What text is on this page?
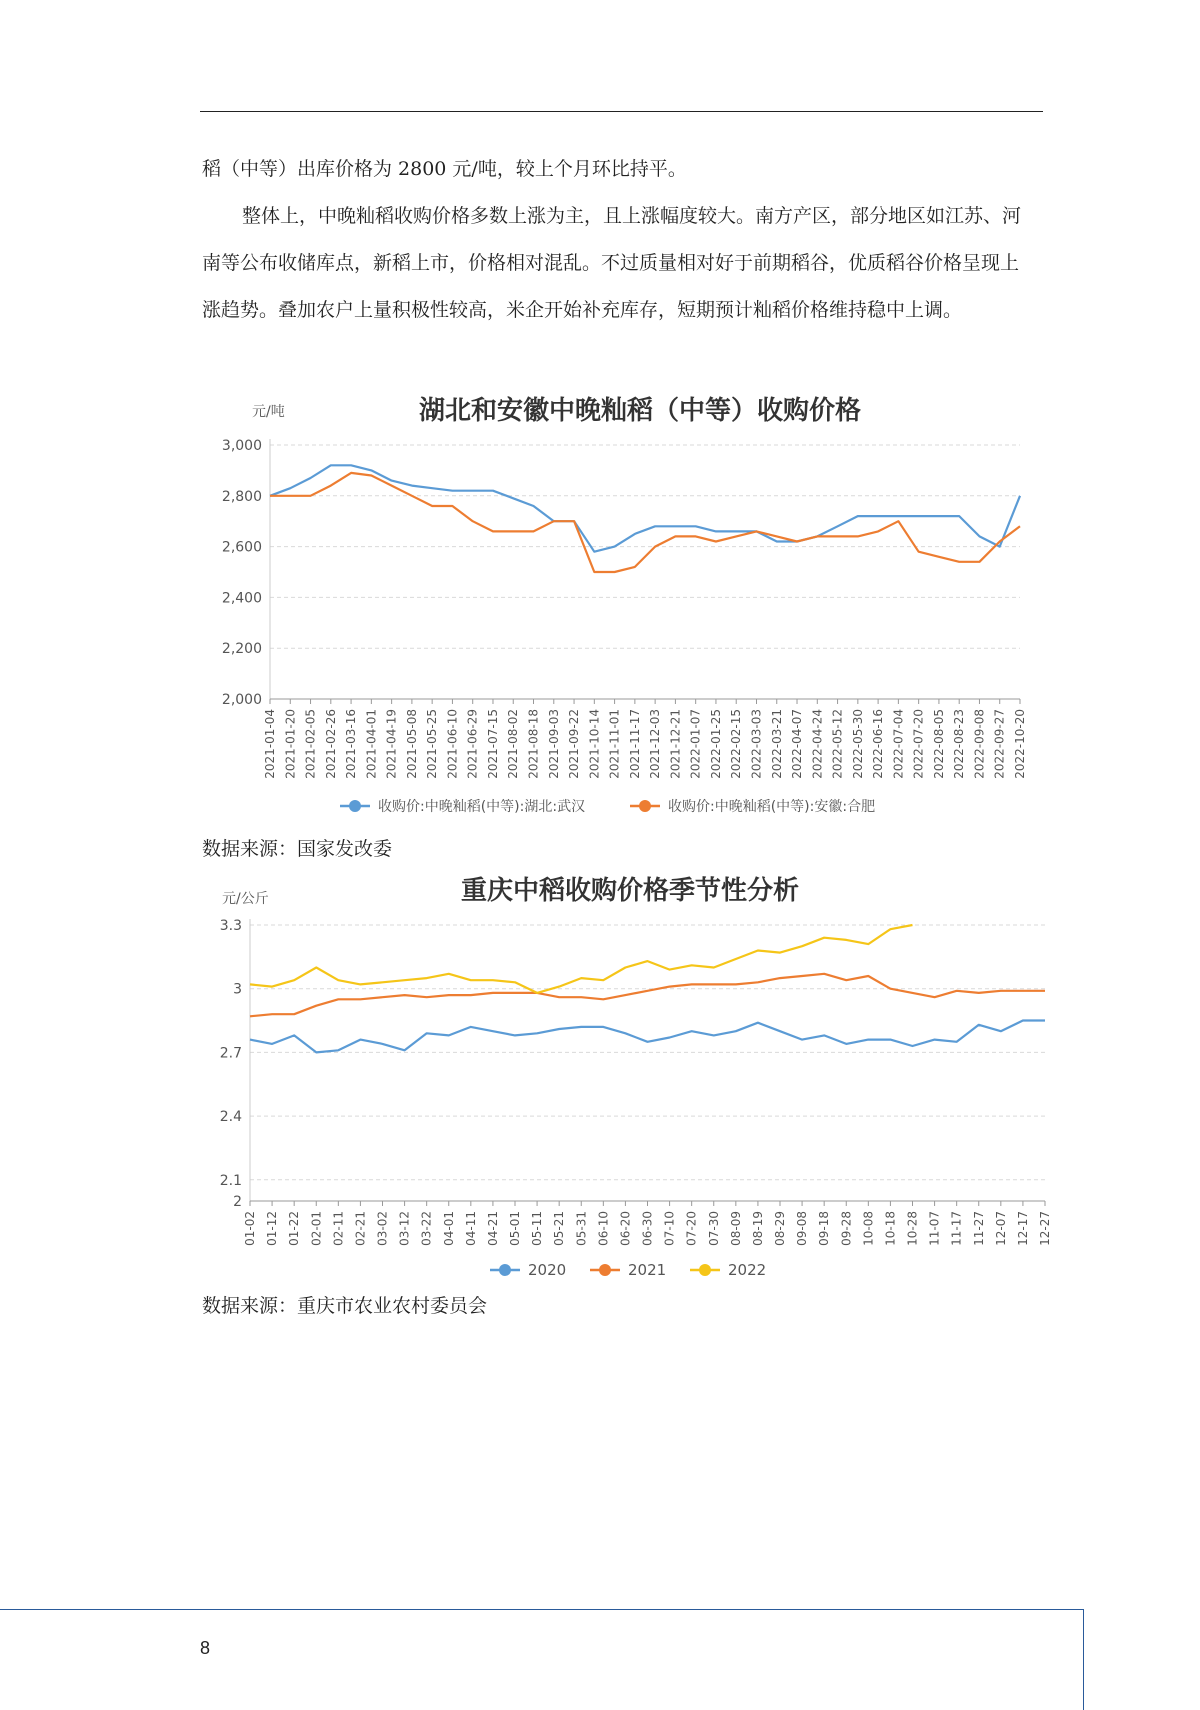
稻（中等）出库价格为 2800 元/吨，较上个月环比持平。

整体上，中晚籼稻收购价格多数上涨为主，且上涨幅度较大。南方产区，部分地区如江苏、河南等公布收储库点，新稻上市，价格相对混乱。不过质量相对好于前期稻谷，优质稻谷价格呈现上涨趋势。叠加农户上量积极性较高，米企开始补充库存，短期预计籼稻价格维持稳中上调。

湖北和安徽中晚籼稻（中等）收购价格
元/吨
3,000
2,800
2,600
2,400
2,200
2,000
2021-01-04 2021-01-20 2021-02-05 2021-02-26 2021-03-16 2021-04-01 2021-04-19 2021-05-08 2021-05-25 2021-06-10 2021-06-29 2021-07-15 2021-08-02 2021-08-18 2021-09-03 2021-09-22 2021-10-14 2021-11-01 2021-11-17 2021-12-03 2021-12-21 2022-01-07 2022-01-25 2022-02-15 2022-03-03 2022-03-21 2022-04-07 2022-04-24 2022-05-12 2022-05-30 2022-06-16 2022-07-04 2022-07-20 2022-08-05 2022-08-23 2022-09-08 2022-09-27 2022-10-20
收购价:中晚籼稻(中等):湖北:武汉	收购价:中晚籼稻(中等):安徽:合肥
数据来源：国家发改委
重庆中稻收购价格季节性分析
元/公斤
3.3
3
2.7
2.4
2.1
2
01-02 01-12 01-22 02-01 02-11 02-21 03-02 03-12 03-22 04-01 04-11 04-21 05-01 05-11 05-21 05-31 06-10 06-20 06-30 07-10 07-20 07-30 08-09 08-19 08-29 09-08 09-18 09-28 10-08 10-18 10-28 11-07 11-17 11-27 12-07 12-17 12-27
2020	2021	2022
数据来源：重庆市农业农村委员会
8
